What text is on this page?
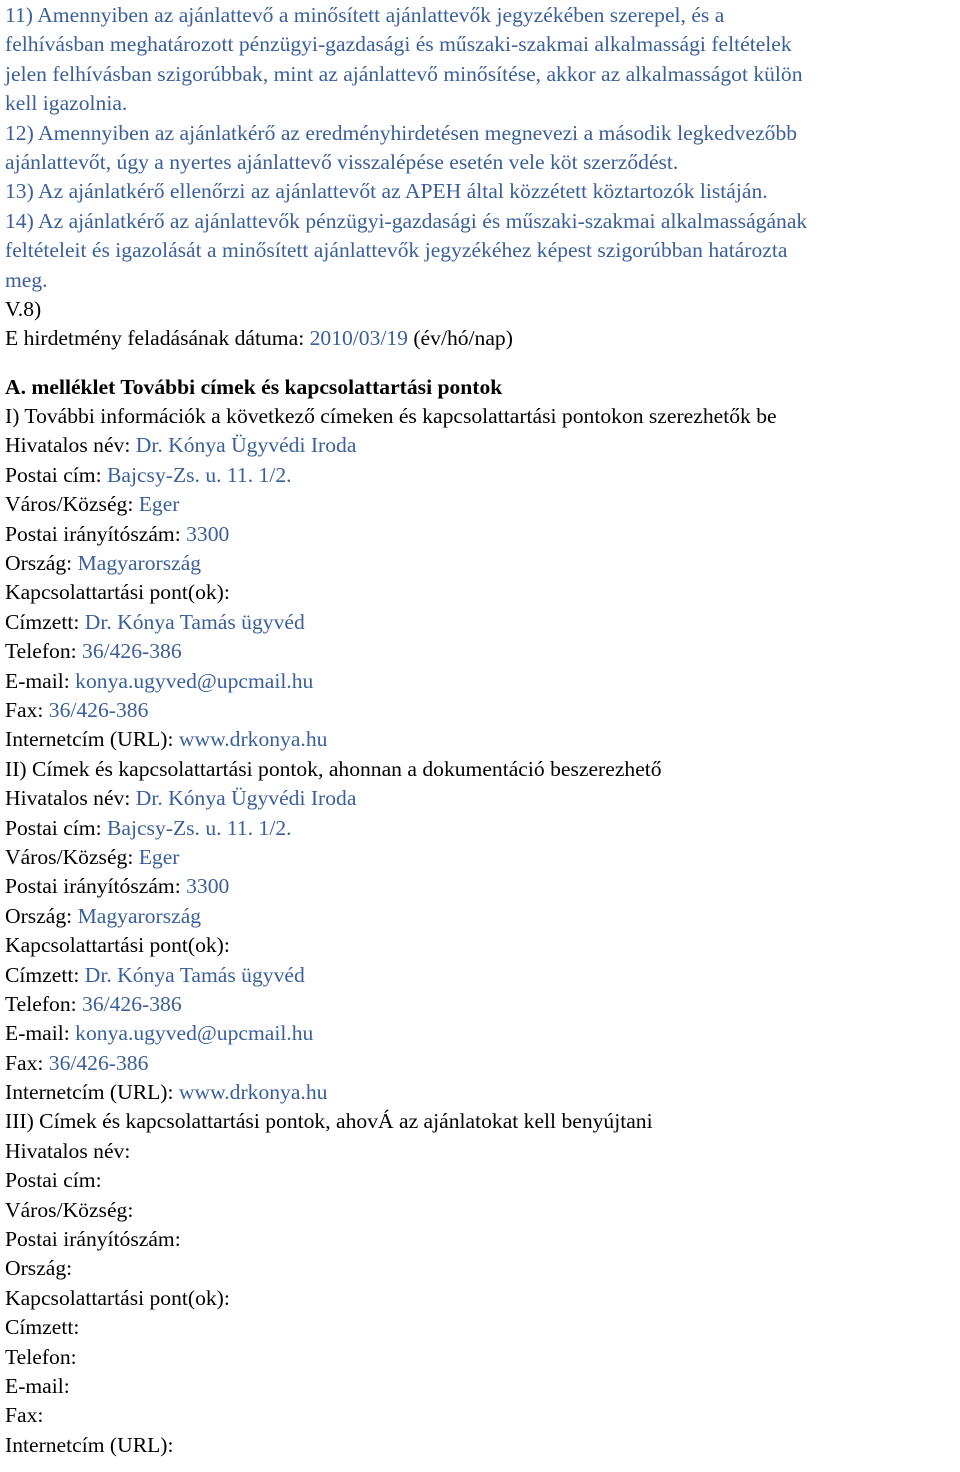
11) Amennyiben az ajánlattevő a minősített ajánlattevők jegyzékében szerepel, és a
felhívásban meghatározott pénzügyi-gazdasági és műszaki-szakmai alkalmassági feltételek
jelen felhívásban szigorúbbak, mint az ajánlattevő minősítése, akkor az alkalmasságot külön
kell igazolnia.
12) Amennyiben az ajánlatkérő az eredményhirdetésen megnevezi a második legkedvezőbb
ajánlattevőt, úgy a nyertes ajánlattevő visszalépése esetén vele köt szerződést.
13) Az ajánlatkérő ellenőrzi az ajánlattevőt az APEH által közzétett köztartozók listáján.
14) Az ajánlatkérő az ajánlattevők pénzügyi-gazdasági és műszaki-szakmai alkalmasságának
feltételeit és igazolását a minősített ajánlattevők jegyzékéhez képest szigorúbban határozta
meg.
V.8)
E hirdetmény feladásának dátuma: 2010/03/19 (év/hó/nap)
A. melléklet További címek és kapcsolattartási pontok
I) További információk a következő címeken és kapcsolattartási pontokon szerezhetők be
Hivatalos név: Dr. Kónya Ügyvédi Iroda
Postai cím: Bajcsy-Zs. u. 11. 1/2.
Város/Község: Eger
Postai irányítószám: 3300
Ország: Magyarország
Kapcsolattartási pont(ok):
Címzett: Dr. Kónya Tamás ügyvéd
Telefon: 36/426-386
E-mail: konya.ugyved@upcmail.hu
Fax: 36/426-386
Internetcím (URL): www.drkonya.hu
II) Címek és kapcsolattartási pontok, ahonnan a dokumentáció beszerezhető
Hivatalos név: Dr. Kónya Ügyvédi Iroda
Postai cím: Bajcsy-Zs. u. 11. 1/2.
Város/Község: Eger
Postai irányítószám: 3300
Ország: Magyarország
Kapcsolattartási pont(ok):
Címzett: Dr. Kónya Tamás ügyvéd
Telefon: 36/426-386
E-mail: konya.ugyved@upcmail.hu
Fax: 36/426-386
Internetcím (URL): www.drkonya.hu
III) Címek és kapcsolattartási pontok, ahovÁ az ajánlatokat kell benyújtani
Hivatalos név:
Postai cím:
Város/Község:
Postai irányítószám:
Ország:
Kapcsolattartási pont(ok):
Címzett:
Telefon:
E-mail:
Fax:
Internetcím (URL):
